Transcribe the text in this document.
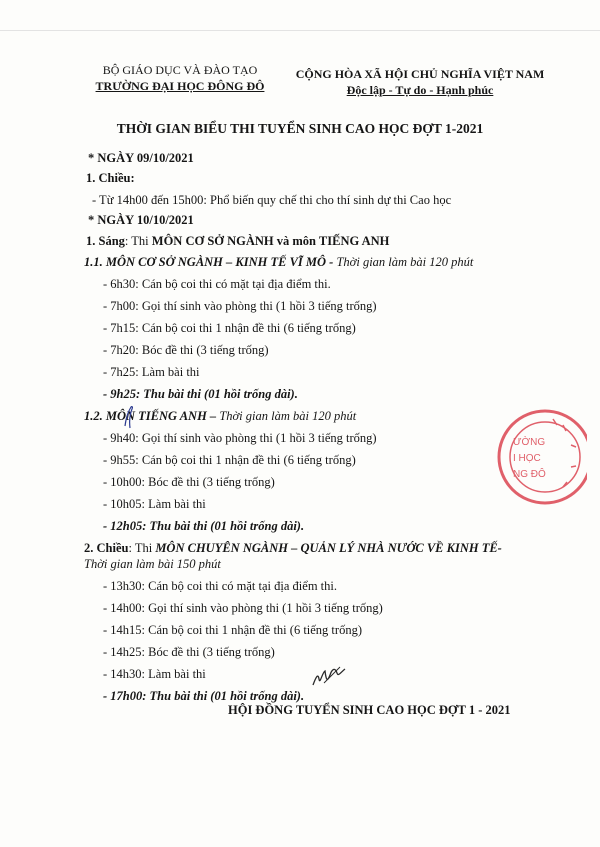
BỘ GIÁO DỤC VÀ ĐÀO TẠO
TRƯỜNG ĐẠI HỌC ĐÔNG ĐÔ
CỘNG HÒA XÃ HỘI CHỦ NGHĨA VIỆT NAM
Độc lập - Tự do - Hạnh phúc
THỜI GIAN BIỂU THI TUYỂN SINH CAO HỌC ĐỢT 1-2021
* NGÀY 09/10/2021
1. Chiều:
- Từ 14h00 đến 15h00: Phổ biến quy chế thi cho thí sinh dự thi Cao học
* NGÀY 10/10/2021
1. Sáng: Thi MÔN CƠ SỞ NGÀNH và môn TIẾNG ANH
1.1. MÔN CƠ SỞ NGÀNH – KINH TẾ VĨ MÔ - Thời gian làm bài 120 phút
- 6h30: Cán bộ coi thi có mặt tại địa điểm thi.
- 7h00: Gọi thí sinh vào phòng thi (1 hồi 3 tiếng trống)
- 7h15: Cán bộ coi thi 1 nhận đề thi (6 tiếng trống)
- 7h20: Bóc đề thi (3 tiếng trống)
- 7h25: Làm bài thi
- 9h25: Thu bài thi (01 hồi trống dài).
1.2. MÔN TIẾNG ANH – Thời gian làm bài 120 phút
- 9h40: Gọi thí sinh vào phòng thi (1 hồi 3 tiếng trống)
- 9h55: Cán bộ coi thi 1 nhận đề thi (6 tiếng trống)
- 10h00: Bóc đề thi (3 tiếng trống)
- 10h05: Làm bài thi
- 12h05: Thu bài thi (01 hồi trống dài).
2. Chiều: Thi MÔN CHUYÊN NGÀNH – QUẢN LÝ NHÀ NƯỚC VỀ KINH TẾ-
Thời gian làm bài 150 phút
- 13h30: Cán bộ coi thi có mặt tại địa điểm thi.
- 14h00: Gọi thí sinh vào phòng thi (1 hồi 3 tiếng trống)
- 14h15: Cán bộ coi thi 1 nhận đề thi (6 tiếng trống)
- 14h25: Bóc đề thi (3 tiếng trống)
- 14h30: Làm bài thi
- 17h00: Thu bài thi (01 hồi trống dài).
HỘI ĐỒNG TUYỂN SINH CAO HỌC ĐỢT 1 - 2021
ƯỜNG
I HỌC
NG ĐÔ
